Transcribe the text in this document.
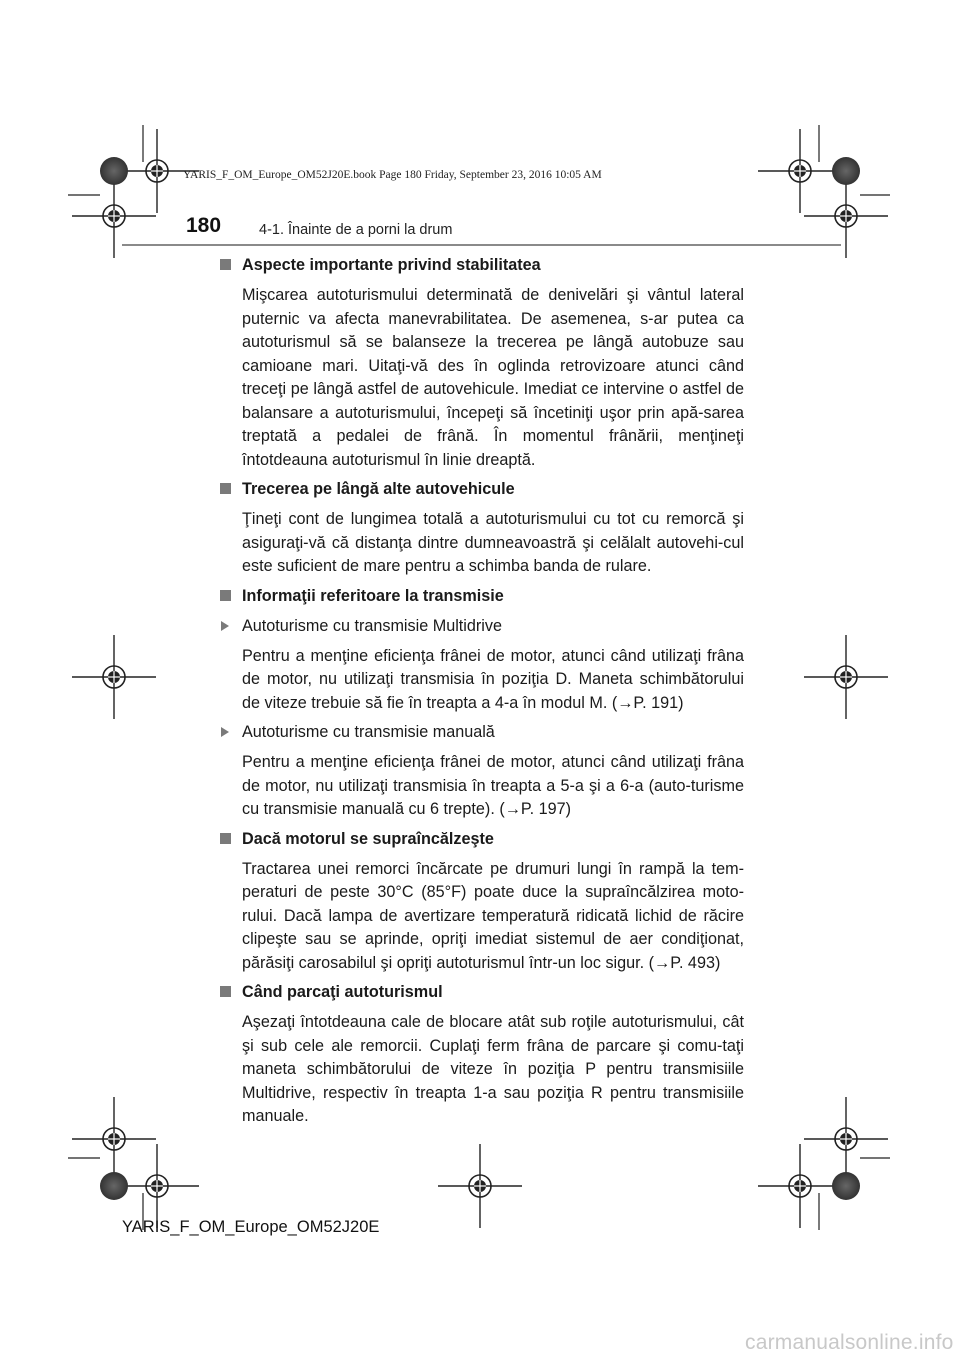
YARIS_F_OM_Europe_OM52J20E.book Page 180 Friday, September 23, 2016 10:05 AM
180	4-1. Înainte de a porni la drum
Aspecte importante privind stabilitatea
Mişcarea autoturismului determinată de denivelări şi vântul lateral puternic va afecta manevrabilitatea. De asemenea, s-ar putea ca autoturismul să se balanseze la trecerea pe lângă autobuze sau camioane mari. Uitaţi-vă des în oglinda retrovizoare atunci când treceţi pe lângă astfel de autovehicule. Imediat ce intervine o astfel de balansare a autoturismului, începeţi să încetiniţi uşor prin apă-sarea treptată a pedalei de frână. În momentul frânării, menţineţi întotdeauna autoturismul în linie dreaptă.
Trecerea pe lângă alte autovehicule
Ţineţi cont de lungimea totală a autoturismului cu tot cu remorcă şi asiguraţi-vă că distanţa dintre dumneavoastră şi celălalt autovehi-cul este suficient de mare pentru a schimba banda de rulare.
Informaţii referitoare la transmisie
Autoturisme cu transmisie Multidrive
Pentru a menţine eficienţa frânei de motor, atunci când utilizaţi frâna de motor, nu utilizaţi transmisia în poziţia D. Maneta schimbătorului de viteze trebuie să fie în treapta a 4-a în modul M. (→P. 191)
Autoturisme cu transmisie manuală
Pentru a menţine eficienţa frânei de motor, atunci când utilizaţi frâna de motor, nu utilizaţi transmisia în treapta a 5-a şi a 6-a (auto-turisme cu transmisie manuală cu 6 trepte). (→P. 197)
Dacă motorul se supraîncălzeşte
Tractarea unei remorci încărcate pe drumuri lungi în rampă la tem-peraturi de peste 30°C (85°F) poate duce la supraîncălzirea moto-rului. Dacă lampa de avertizare temperatură ridicată lichid de răcire clipeşte sau se aprinde, opriţi imediat sistemul de aer condiţionat, părăsiţi carosabilul şi opriţi autoturismul într-un loc sigur. (→P. 493)
Când parcaţi autoturismul
Aşezaţi întotdeauna cale de blocare atât sub roţile autoturismului, cât şi sub cele ale remorcii. Cuplaţi ferm frâna de parcare şi comu-taţi maneta schimbătorului de viteze în poziţia P pentru transmisiile Multidrive, respectiv în treapta 1-a sau poziţia R pentru transmisiile manuale.
YARIS_F_OM_Europe_OM52J20E
carmanualsonline.info
